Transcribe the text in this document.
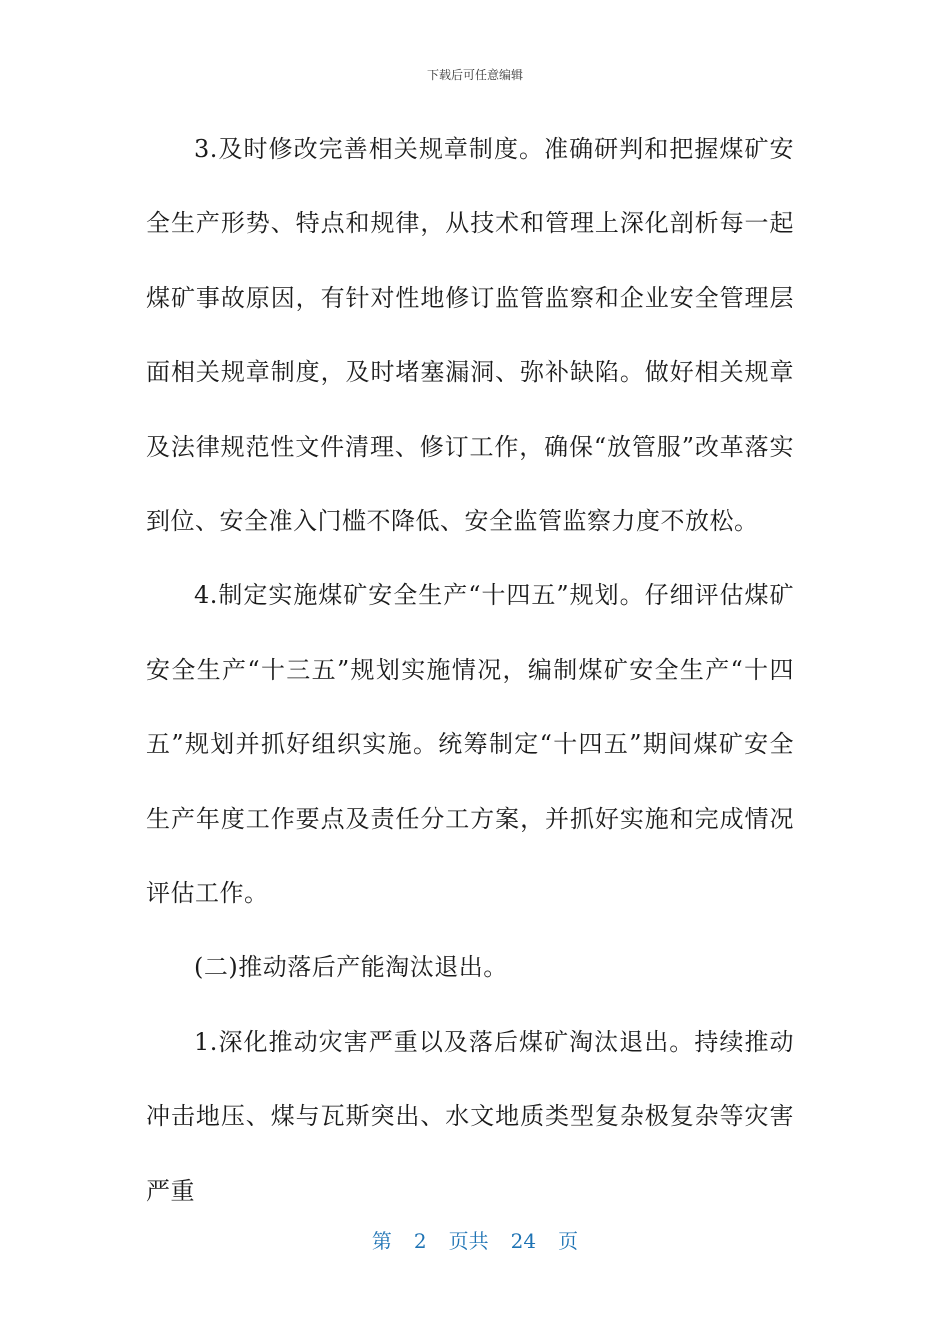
下载后可任意编辑

3.及时修改完善相关规章制度。准确研判和把握煤矿安全生产形势、特点和规律，从技术和管理上深化剖析每一起煤矿事故原因，有针对性地修订监管监察和企业安全管理层面相关规章制度，及时堵塞漏洞、弥补缺陷。做好相关规章及法律规范性文件清理、修订工作，确保“放管服”改革落实到位、安全准入门槛不降低、安全监管监察力度不放松。

4.制定实施煤矿安全生产“十四五”规划。仔细评估煤矿安全生产“十三五”规划实施情况，编制煤矿安全生产“十四五”规划并抓好组织实施。统筹制定“十四五”期间煤矿安全生产年度工作要点及责任分工方案，并抓好实施和完成情况评估工作。

(二)推动落后产能淘汰退出。

1.深化推动灾害严重以及落后煤矿淘汰退出。持续推动冲击地压、煤与瓦斯突出、水文地质类型复杂极复杂等灾害严重

第 2 页共 24 页
